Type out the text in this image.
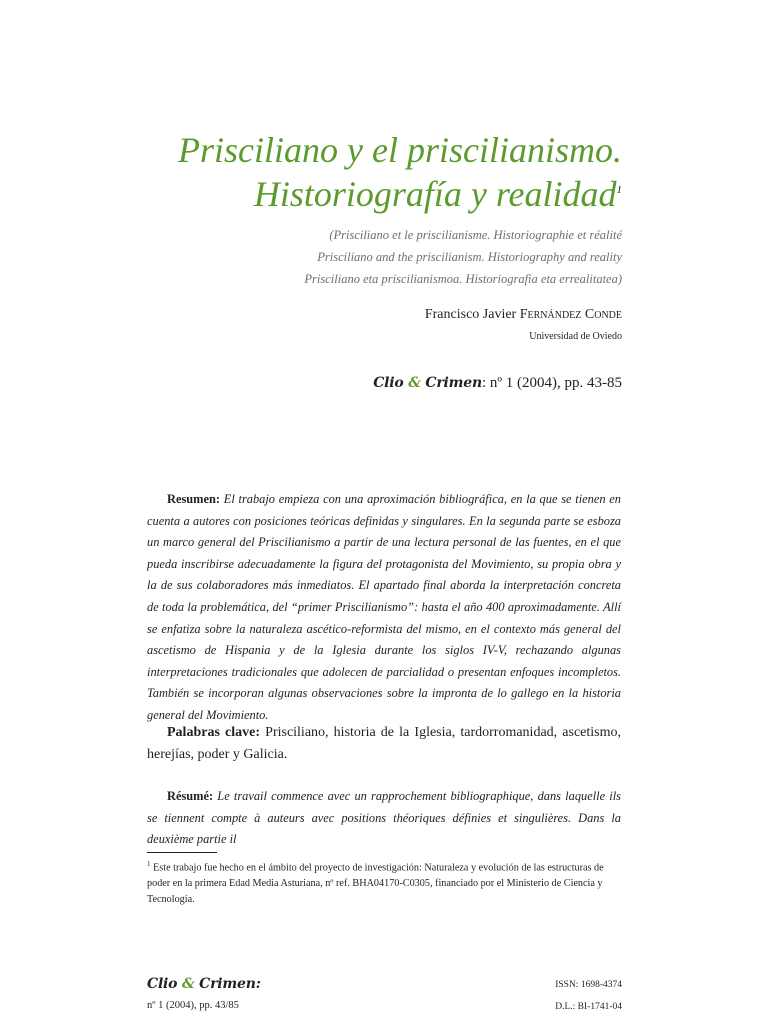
Prisciliano y el priscilianismo.
Historiografía y realidad$^1$
(Prisciliano et le priscilianisme. Historiographie et réalité
Prisciliano and the priscilianism. Historiography and reality
Prisciliano eta priscilianismoa. Historiografia eta errealitatea)
Francisco Javier Fernández Conde
Universidad de Oviedo
Clio & Crimen: nº 1 (2004), pp. 43-85
Resumen: El trabajo empieza con una aproximación bibliográfica, en la que se tienen en cuenta a autores con posiciones teóricas definidas y singulares. En la segunda parte se esboza un marco general del Priscilianismo a partir de una lectura personal de las fuentes, en el que pueda inscribirse adecuadamente la figura del protagonista del Movimiento, su propia obra y la de sus colaboradores más inmediatos. El apartado final aborda la interpretación concreta de toda la problemática, del “primer Priscilianismo”: hasta el año 400 aproximadamente. Allí se enfatiza sobre la naturaleza ascético-reformista del mismo, en el contexto más general del ascetismo de Hispania y de la Iglesia durante los siglos IV-V, rechazando algunas interpretaciones tradicionales que adolecen de parcialidad o presentan enfoques incompletos. También se incorporan algunas observaciones sobre la impronta de lo gallego en la historia general del Movimiento.
Palabras clave: Prisciliano, historia de la Iglesia, tardorromanidad, ascetismo, herejías, poder y Galicia.
Résumé: Le travail commence avec un rapprochement bibliographique, dans laquelle ils se tiennent compte à auteurs avec positions théoriques définies et singulières. Dans la deuxième partie il
$^1$ Este trabajo fue hecho en el ámbito del proyecto de investigación: Naturaleza y evolución de las estructuras de poder en la primera Edad Media Asturiana, nº ref. BHA04170-C0305, financiado por el Ministerio de Ciencia y Tecnología.
Clio & Crimen:
nº 1 (2004), pp. 43/85
ISSN: 1698-4374
D.L.: BI-1741-04
